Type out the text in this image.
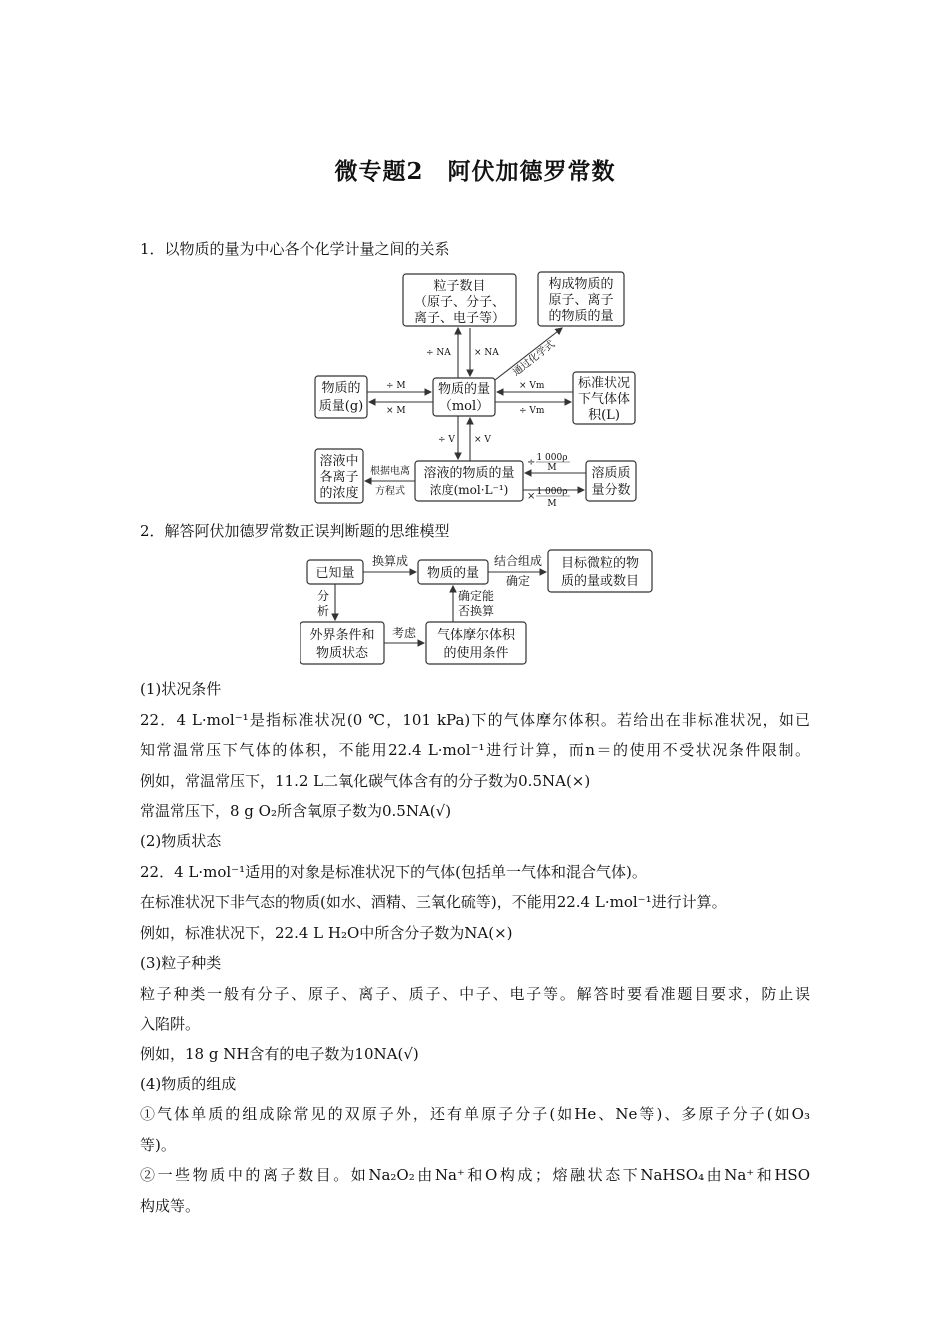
微专题2　阿伏加德罗常数
1．以物质的量为中心各个化学计量之间的关系
粒子数目
（原子、分子、
离子、电子等）
构成物质的
原子、离子
的物质的量
物质的量
（mol）
物质的
质量(g)
标准状况
下气体体
积(L)
溶液中
各离子
的浓度
溶液的物质的量
浓度(mol·L⁻¹)
溶质质
量分数
÷ NA	× NA 通过化学式
÷ M
× M
× Vm
÷ Vm
÷ V × V
根据电离
方程式
÷ 1 000ρ
M
× 1 000ρ
M
2．解答阿伏加德罗常数正误判断题的思维模型
已知量	物质的量
目标微粒的物
质的量或数目
外界条件和
物质状态
气体摩尔体积
的使用条件
换算成	结合组成
确定
分
析
考虑
确定能
否换算
(1)状况条件
22．4 L·mol⁻¹是指标准状况(0 ℃，101 kPa)下的气体摩尔体积。若给出在非标准状况，如已
知常温常压下气体的体积，不能用22.4 L·mol⁻¹进行计算，而n＝的使用不受状况条件限制。
例如，常温常压下，11.2 L二氧化碳气体含有的分子数为0.5NA(×)
常温常压下，8 g O₂所含氧原子数为0.5NA(√)
(2)物质状态
22．4 L·mol⁻¹适用的对象是标准状况下的气体(包括单一气体和混合气体)。
在标准状况下非气态的物质(如水、酒精、三氧化硫等)，不能用22.4 L·mol⁻¹进行计算。
例如，标准状况下，22.4 L H₂O中所含分子数为NA(×)
(3)粒子种类
粒子种类一般有分子、原子、离子、质子、中子、电子等。解答时要看准题目要求，防止误
入陷阱。
例如，18 g NH含有的电子数为10NA(√)
(4)物质的组成
①气体单质的组成除常见的双原子外，还有单原子分子(如He、Ne等)、多原子分子(如O₃
等)。
②一些物质中的离子数目。如Na₂O₂由Na⁺和O构成；熔融状态下NaHSO₄由Na⁺和HSO
构成等。
